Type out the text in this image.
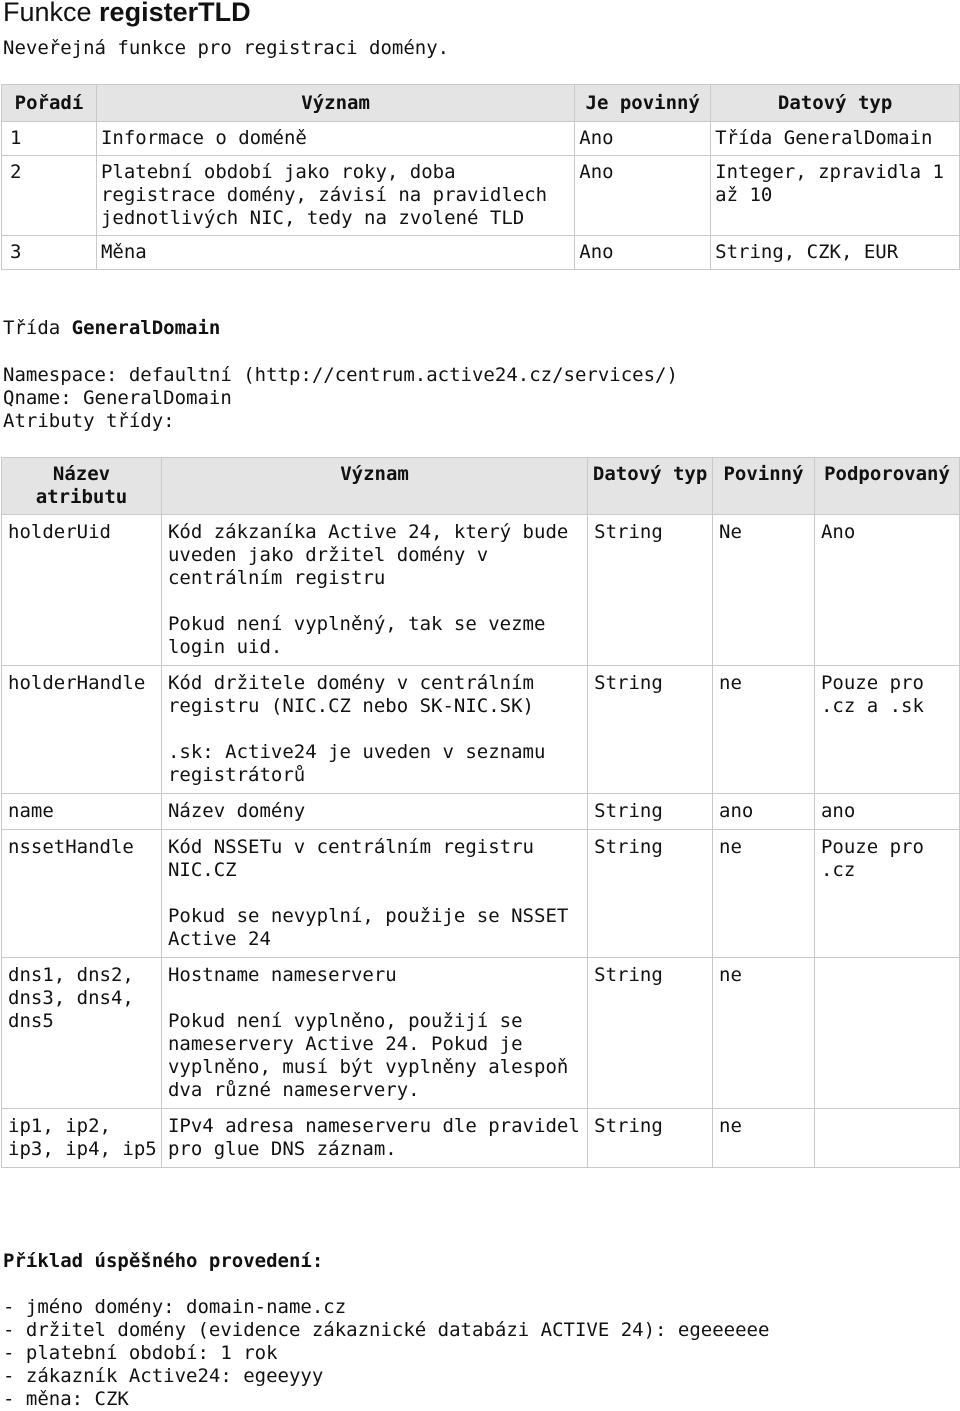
Funkce registerTLD
Neveřejná funkce pro registraci domény.
Pořadí	Význam	Je povinný	Datový typ
1	Informace o doméně	Ano	Třída GeneralDomain
2	Platební období jako roky, doba registrace domény, závisí na pravidlech jednotlivých NIC, tedy na zvolené TLD	Ano	Integer, zpravidla 1 až 10
3	Měna	Ano	String, CZK, EUR
Třída GeneralDomain
Namespace: defaultní (http://centrum.active24.cz/services/)
Qname: GeneralDomain
Atributy třídy:
Název atributu	Význam	Datový typ	Povinný	Podporovaný
holderUid	Kód zákzaníka Active 24, který bude uveden jako držitel domény v centrálním registru

Pokud není vyplněný, tak se vezme login uid.	String	Ne	Ano
holderHandle	Kód držitele domény v centrálním registru (NIC.CZ nebo SK-NIC.SK)

.sk: Active24 je uveden v seznamu registrátorů	String	ne	Pouze pro .cz a .sk
name	Název domény	String	ano	ano
nssetHandle	Kód NSSETu v centrálním registru NIC.CZ

Pokud se nevyplní, použije se NSSET Active 24	String	ne	Pouze pro .cz
dns1, dns2, dns3, dns4, dns5	Hostname nameserveru

Pokud není vyplněno, použijí se nameservery Active 24. Pokud je vyplněno, musí být vyplněny alespoň dva různé nameservery.	String	ne	
ip1, ip2, ip3, ip4, ip5	IPv4 adresa nameserveru dle pravidel pro glue DNS záznam.	String	ne	
Příklad úspěšného provedení:
- jméno domény: domain-name.cz
- držitel domény (evidence zákaznické databázi ACTIVE 24): egeeeeee
- platební období: 1 rok
- zákazník Active24: egeeyyy
- měna: CZK
